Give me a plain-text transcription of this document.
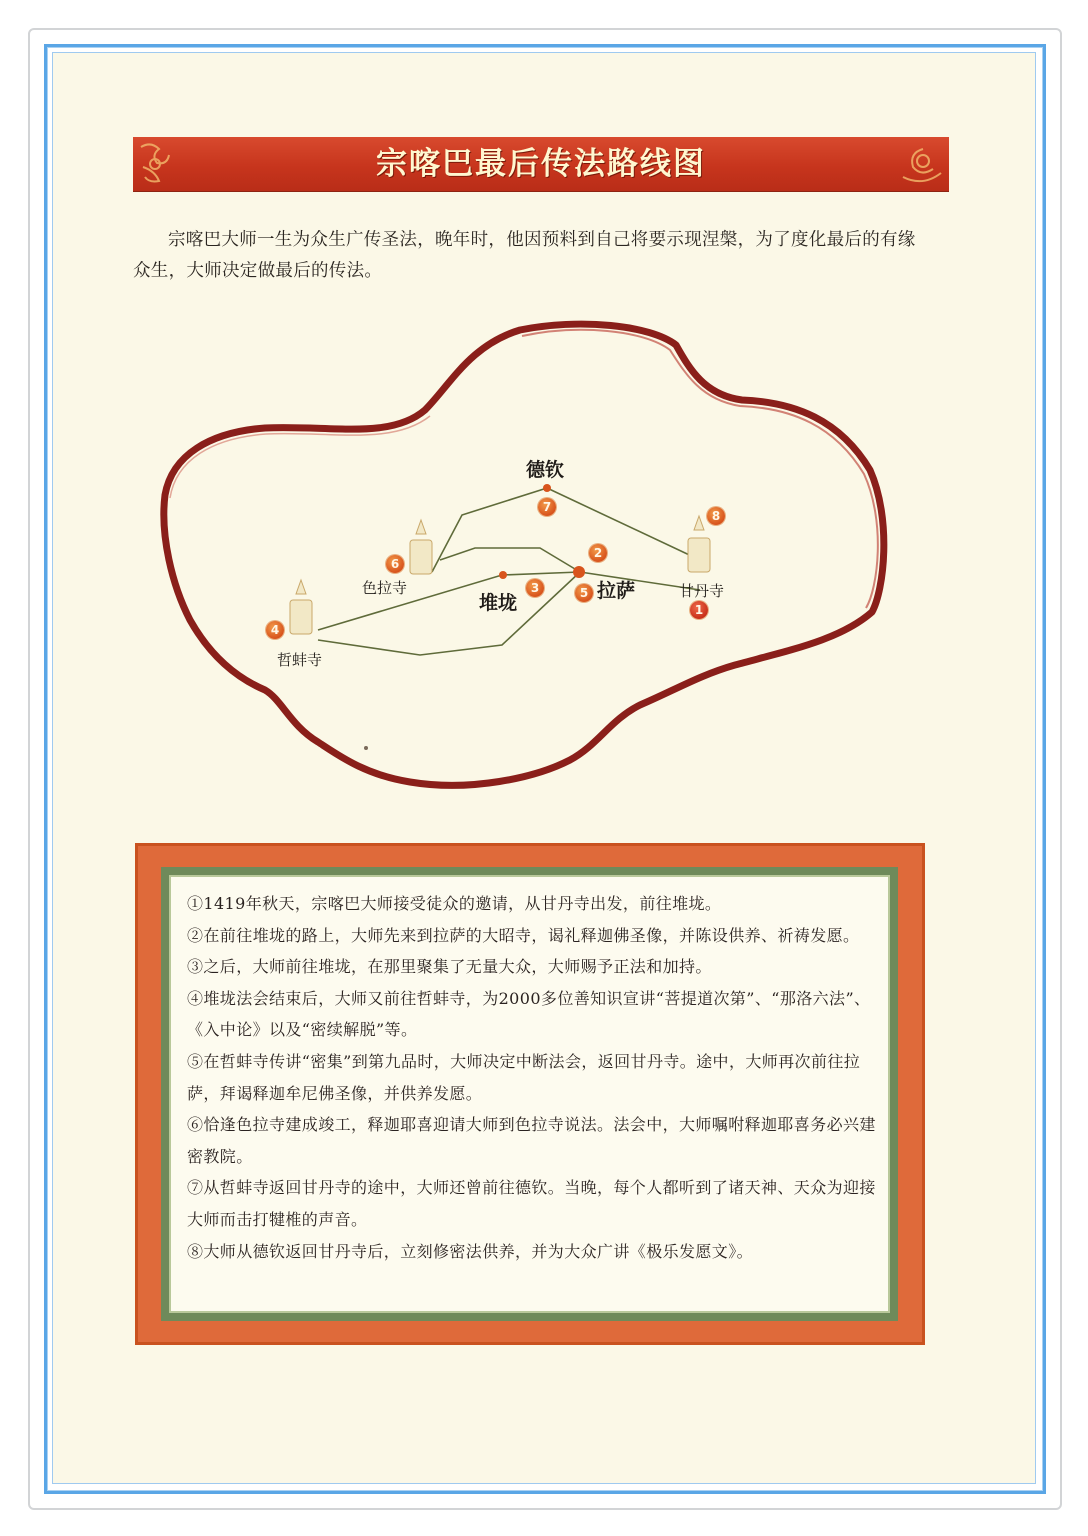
宗喀巴最后传法路线图
宗喀巴大师一生为众生广传圣法，晚年时，他因预料到自己将要示现涅槃，为了度化最后的有缘众生，大师决定做最后的传法。
德钦
色拉寺
堆垅
拉萨	甘丹寺
哲蚌寺
1
2
3
4
5
6
7
8

①1419年秋天，宗喀巴大师接受徒众的邀请，从甘丹寺出发，前往堆垅。

②在前往堆垅的路上，大师先来到拉萨的大昭寺，谒礼释迦佛圣像，并陈设供养、祈祷发愿。

③之后，大师前往堆垅，在那里聚集了无量大众，大师赐予正法和加持。

④堆垅法会结束后，大师又前往哲蚌寺，为2000多位善知识宣讲“菩提道次第”、“那洛六法”、《入中论》以及“密续解脱”等。

⑤在哲蚌寺传讲“密集”到第九品时，大师决定中断法会，返回甘丹寺。途中，大师再次前往拉萨，拜谒释迦牟尼佛圣像，并供养发愿。

⑥恰逢色拉寺建成竣工，释迦耶喜迎请大师到色拉寺说法。法会中，大师嘱咐释迦耶喜务必兴建密教院。

⑦从哲蚌寺返回甘丹寺的途中，大师还曾前往德钦。当晚，每个人都听到了诸天神、天众为迎接大师而击打犍椎的声音。

⑧大师从德钦返回甘丹寺后，立刻修密法供养，并为大众广讲《极乐发愿文》。
